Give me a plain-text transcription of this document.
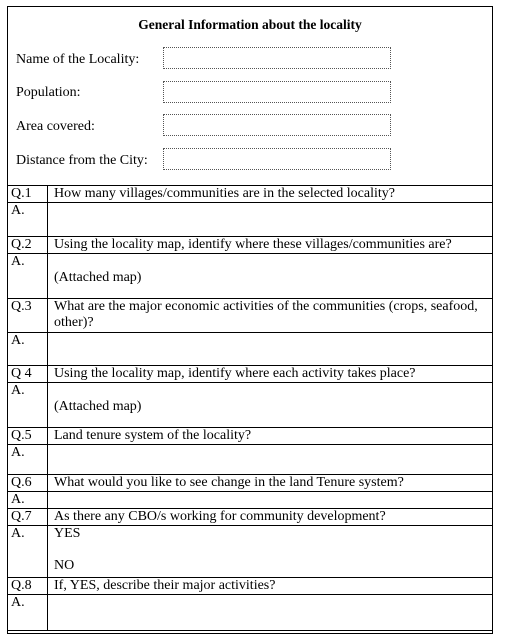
General Information about the locality
Name of the Locality:
Population:
Area covered:
Distance from the City:
Q.1	How many villages/communities are in the selected locality?
A.	
Q.2	Using the locality map, identify where these villages/communities are?
A.	(Attached map)

Q.3	What are the major economic activities of the communities (crops, seafood, other)?
A.	
Q 4	Using the locality map, identify where each activity takes place?
A.	(Attached map)

Q.5	Land tenure system of the locality?
A.	
Q.6	What would you like to see change in the land Tenure system?
A.	
Q.7	As there any CBO/s working for community development?
A.	YES
NO

Q.8	If, YES, describe their major activities?
A.	
